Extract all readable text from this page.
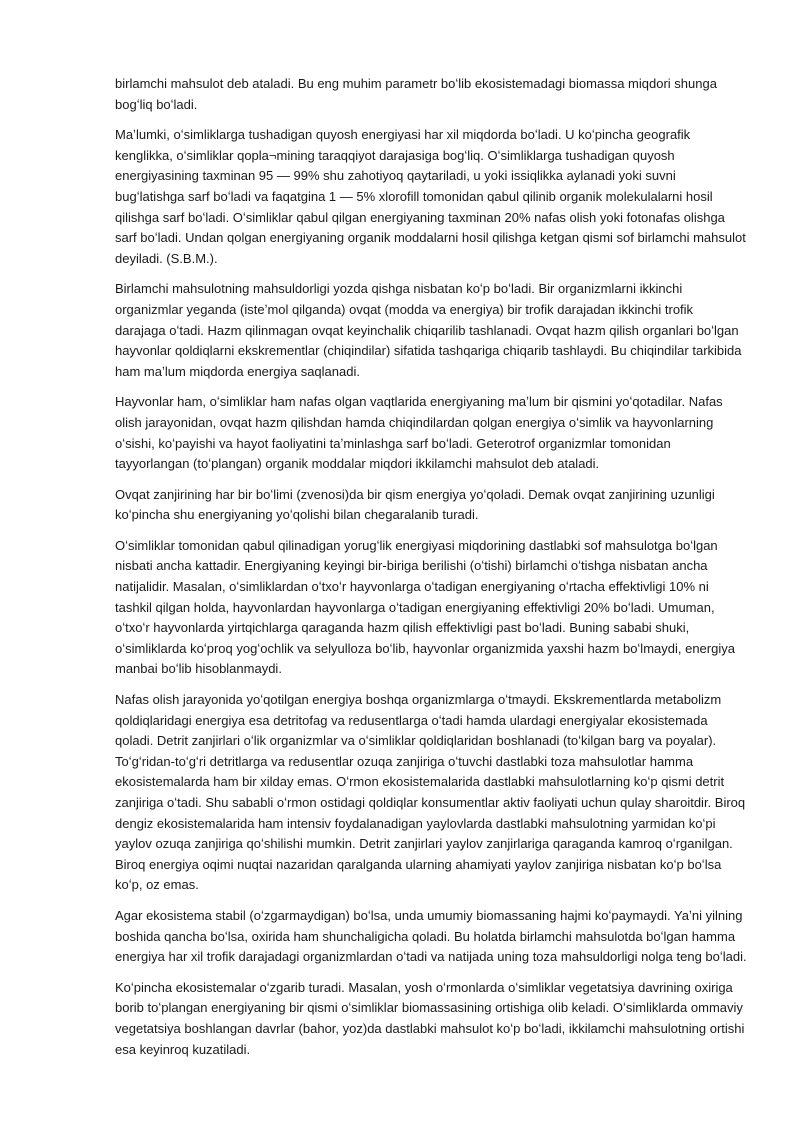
birlamchi mahsulot deb ataladi. Bu eng muhim parametr boʻlib ekosistemadagi biomassa miqdori shunga bogʻliq boʻladi.

Maʼlumki, oʻsimliklarga tushadigan quyosh energiyasi har xil miqdorda boʻladi. U koʻpincha geografik kenglikka, oʻsimliklar qopla¬mining taraqqiyot darajasiga bogʻliq. Oʻsimliklarga tushadigan quyosh energiyasining taxminan 95 — 99% shu zahotiyoq qaytariladi, u yoki issiqlikka aylanadi yoki suvni bugʻlatishga sarf boʻladi va faqatgina 1 — 5% xlorofill tomonidan qabul qilinib organik molekulalarni hosil qilishga sarf boʻladi. Oʻsimliklar qabul qilgan energiyaning taxminan 20% nafas olish yoki fotonafas olishga sarf boʻladi. Undan qolgan energiyaning organik moddalarni hosil qilishga ketgan qismi sof birlamchi mahsulot deyiladi. (S.B.M.).

Birlamchi mahsulotning mahsuldorligi yozda qishga nisbatan koʻp boʻladi. Bir organizmlarni ikkinchi organizmlar yeganda (isteʼmol qilganda) ovqat (modda va energiya) bir trofik darajadan ikkinchi trofik darajaga oʻtadi. Hazm qilinmagan ovqat keyinchalik chiqarilib tashlanadi. Ovqat hazm qilish organlari boʻlgan hayvonlar qoldiqlarni ekskrementlar (chiqindilar) sifatida tashqariga chiqarib tashlaydi. Bu chiqindilar tarkibida ham maʼlum miqdorda energiya saqlanadi.

Hayvonlar ham, oʻsimliklar ham nafas olgan vaqtlarida energiyaning maʼlum bir qismini yoʻqotadilar. Nafas olish jarayonidan, ovqat hazm qilishdan hamda chiqindilardan qolgan energiya oʻsimlik va hayvonlarning oʻsishi, koʻpayishi va hayot faoliyatini taʼminlashga sarf boʻladi. Geterotrof organizmlar tomonidan tayyorlangan (toʻplangan) organik moddalar miqdori ikkilamchi mahsulot deb ataladi.

Ovqat zanjirining har bir boʻlimi (zvenosi)da bir qism energiya yoʻqoladi. Demak ovqat zanjirining uzunligi koʻpincha shu energiyaning yoʻqolishi bilan chegaralanib turadi.

Oʻsimliklar tomonidan qabul qilinadigan yorugʻlik energiyasi miqdorining dastlabki sof mahsulotga boʻlgan nisbati ancha kattadir. Energiyaning keyingi bir-biriga berilishi (oʻtishi) birlamchi oʻtishga nisbatan ancha natijalidir. Masalan, oʻsimliklardan oʻtxoʻr hayvonlarga oʻtadigan energiyaning oʻrtacha effektivligi 10% ni tashkil qilgan holda, hayvonlardan hayvonlarga oʻtadigan energiyaning effektivligi 20% boʻladi. Umuman, oʻtxoʻr hayvonlarda yirtqichlarga qaraganda hazm qilish effektivligi past boʻladi. Buning sababi shuki, oʻsimliklarda koʻproq yogʻochlik va selyulloza boʻlib, hayvonlar organizmida yaxshi hazm boʻlmaydi, energiya manbai boʻlib hisoblanmaydi.

Nafas olish jarayonida yoʻqotilgan energiya boshqa organizmlarga oʻtmaydi. Ekskrementlarda metabolizm qoldiqlaridagi energiya esa detritofag va redusentlarga oʻtadi hamda ulardagi energiyalar ekosistemada qoladi. Detrit zanjirlari oʻlik organizmlar va oʻsimliklar qoldiqlaridan boshlanadi (toʻkilgan barg va poyalar). Toʻgʻridan-toʻgʻri detritlarga va redusentlar ozuqa zanjiriga oʻtuvchi dastlabki toza mahsulotlar hamma ekosistemalarda ham bir xilday emas. Oʻrmon ekosistemalarida dastlabki mahsulotlarning koʻp qismi detrit zanjiriga oʻtadi. Shu sababli oʻrmon ostidagi qoldiqlar konsumentlar aktiv faoliyati uchun qulay sharoitdir. Biroq dengiz ekosistemalarida ham intensiv foydalanadigan yaylovlarda dastlabki mahsulotning yarmidan koʻpi yaylov ozuqa zanjiriga qoʻshilishi mumkin. Detrit zanjirlari yaylov zanjirlariga qaraganda kamroq oʻrganilgan. Biroq energiya oqimi nuqtai nazaridan qaralganda ularning ahamiyati yaylov zanjiriga nisbatan koʻp boʻlsa koʻp, oz emas.

Agar ekosistema stabil (oʻzgarmaydigan) boʻlsa, unda umumiy biomassaning hajmi koʻpaymaydi. Yaʼni yilning boshida qancha boʻlsa, oxirida ham shunchaligicha qoladi. Bu holatda birlamchi mahsulotda boʻlgan hamma energiya har xil trofik darajadagi organizmlardan oʻtadi va natijada uning toza mahsuldorligi nolga teng boʻladi.

Koʻpincha ekosistemalar oʻzgarib turadi. Masalan, yosh oʻrmonlarda oʻsimliklar vegetatsiya davrining oxiriga borib toʻplangan energiyaning bir qismi oʻsimliklar biomassasining ortishiga olib keladi. Oʻsimliklarda ommaviy vegetatsiya boshlangan davrlar (bahor, yoz)da dastlabki mahsulot koʻp boʻladi, ikkilamchi mahsulotning ortishi esa keyinroq kuzatiladi.
